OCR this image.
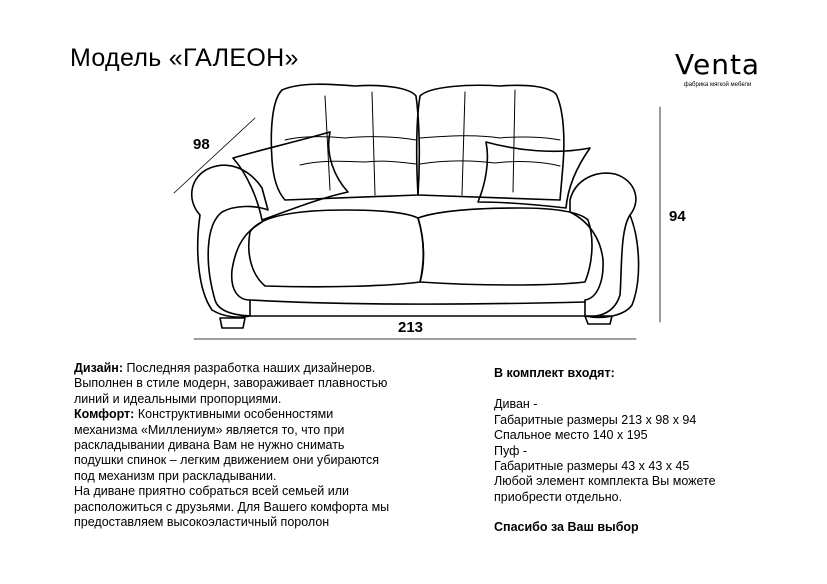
Модель «ГАЛЕОН»	Venta
фабрика мягкой мебели
98
94
213

Дизайн: Последняя разработка наших дизайнеров.

Выполнен в стиле модерн, завораживает плавностью

линий и идеальными пропорциями.

Комфорт: Конструктивными особенностями

механизма «Миллениум» является то, что при

раскладывании дивана Вам не нужно снимать

подушки спинок – легким движением они убираются

под механизм при раскладывании.

На диване приятно собраться всей семьей или

расположиться с друзьями. Для Вашего комфорта мы

предоставляем высокоэластичный поролон

В комплект входят:

Диван -

Габаритные размеры 213 х 98 х 94

Спальное место 140 х 195

Пуф -

Габаритные размеры 43 х 43 х 45

Любой элемент комплекта Вы можете

приобрести отдельно.

Спасибо за Ваш выбор
